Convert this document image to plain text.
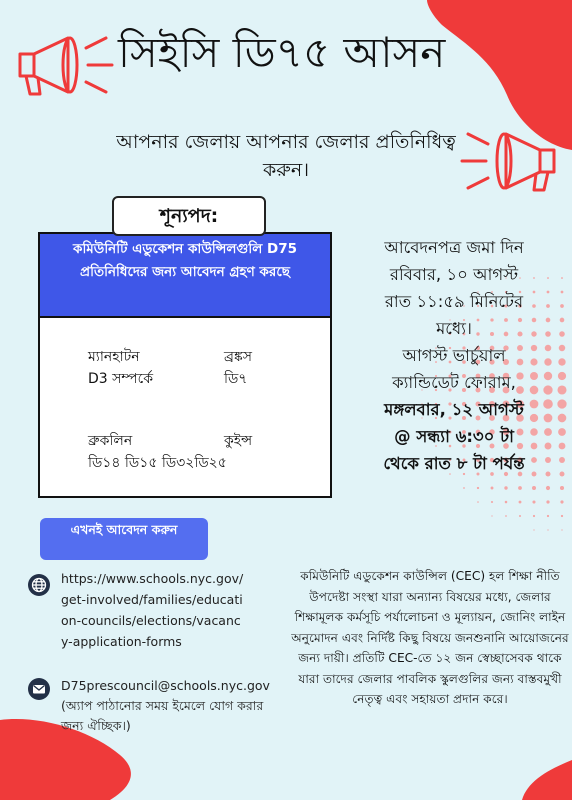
সিইসি ডি৭৫ আসন
আপনার জেলায় আপনার জেলার প্রতিনিধিত্ব করুন।
কমিউনিটি এডুকেশন কাউন্সিলগুলি D75 প্রতিনিধিদের জন্য আবেদন গ্রহণ করছে
ম্যানহাটন
D3 সম্পর্কে
ব্রঙ্কস
ডি৭
ব্রুকলিন
ডি১৪ ডি১৫ ডি৩২ডি২৫
কুইন্স
শূন্যপদ:
আবেদনপত্র জমা দিন
রবিবার, ১০ আগস্ট
রাত ১১:৫৯ মিনিটের
মধ্যে।
আগস্ট ভার্চুয়াল
ক্যান্ডিডেট ফোরাম,
মঙ্গলবার, ১২ আগস্ট
@ সন্ধ্যা ৬:৩০ টা
থেকে রাত ৮ টা পর্যন্ত
এখনই আবেদন করুন
https://www.schools.nyc.gov/get-involved/families/education-councils/elections/vacancy-application-forms
D75prescouncil@schools.nyc.gov
(অ্যাপ পাঠানোর সময় ইমেলে যোগ করার জন্য ঐচ্ছিক।)
কমিউনিটি এডুকেশন কাউন্সিল (CEC) হল শিক্ষা নীতি উপদেষ্টা সংস্থা যারা অন্যান্য বিষয়ের মধ্যে, জেলার শিক্ষামূলক কর্মসূচি পর্যালোচনা ও মূল্যায়ন, জোনিং লাইন অনুমোদন এবং নির্দিষ্ট কিছু বিষয়ে জনশুনানি আয়োজনের জন্য দায়ী। প্রতিটি CEC-তে ১২ জন স্বেচ্ছাসেবক থাকে যারা তাদের জেলার পাবলিক স্কুলগুলির জন্য বাস্তবমুখী নেতৃত্ব এবং সহায়তা প্রদান করে।
